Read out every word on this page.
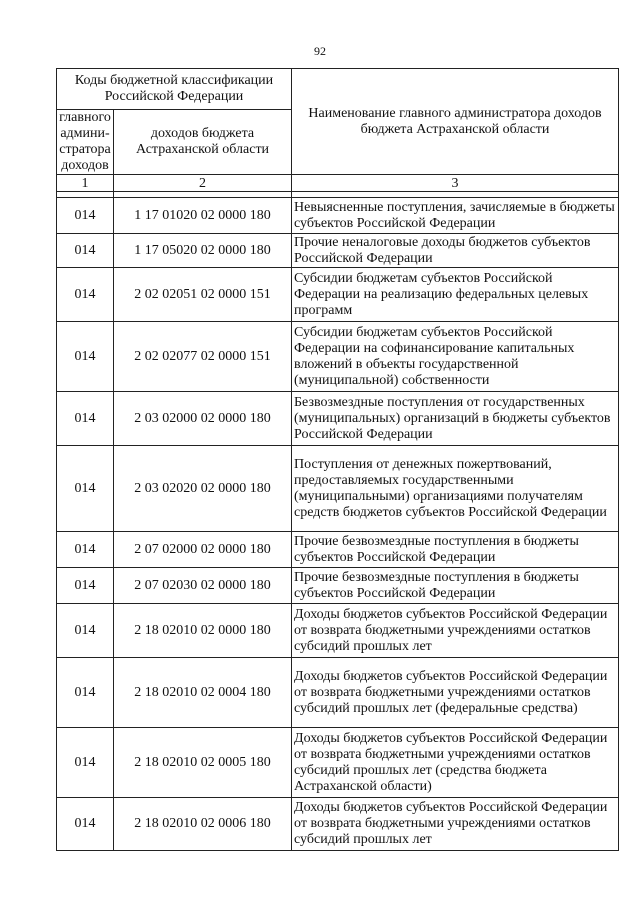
92
Коды бюджетной классификации Российской Федерации		Наименование главного администратора доходов бюджета Астраханской области
главного админи-стратора доходов	доходов бюджета Астраханской области	
1	2	3

014	1 17 01020 02 0000 180	Невыясненные поступления, зачисляемые в бюджеты субъектов Российской Федерации
014	1 17 05020 02 0000 180	Прочие неналоговые доходы бюджетов субъектов Российской Федерации
014	2 02 02051 02 0000 151	Субсидии бюджетам субъектов Российской Федерации на реализацию федеральных целевых программ
014	2 02 02077 02 0000 151	Субсидии бюджетам субъектов Российской Федерации на софинансирование капитальных вложений в объекты государственной (муниципальной) собственности
014	2 03 02000 02 0000 180	Безвозмездные поступления от государственных (муниципальных) организаций в бюджеты субъектов Российской Федерации
014	2 03 02020 02 0000 180	Поступления от денежных пожертвований, предоставляемых государственными (муниципальными) организациями получателям средств бюджетов субъектов Российской Федерации
014	2 07 02000 02 0000 180	Прочие безвозмездные поступления в бюджеты субъектов Российской Федерации
014	2 07 02030 02 0000 180	Прочие безвозмездные поступления в бюджеты субъектов Российской Федерации
014	2 18 02010 02 0000 180	Доходы бюджетов субъектов Российской Федерации от возврата бюджетными учреждениями остатков субсидий прошлых лет
014	2 18 02010 02 0004 180	Доходы бюджетов субъектов Российской Федерации от возврата бюджетными учреждениями остатков субсидий прошлых лет (федеральные средства)
014	2 18 02010 02 0005 180	Доходы бюджетов субъектов Российской Федерации от возврата бюджетными учреждениями остатков субсидий прошлых лет (средства бюджета Астраханской области)
014	2 18 02010 02 0006 180	Доходы бюджетов субъектов Российской Федерации от возврата бюджетными учреждениями остатков субсидий прошлых лет
